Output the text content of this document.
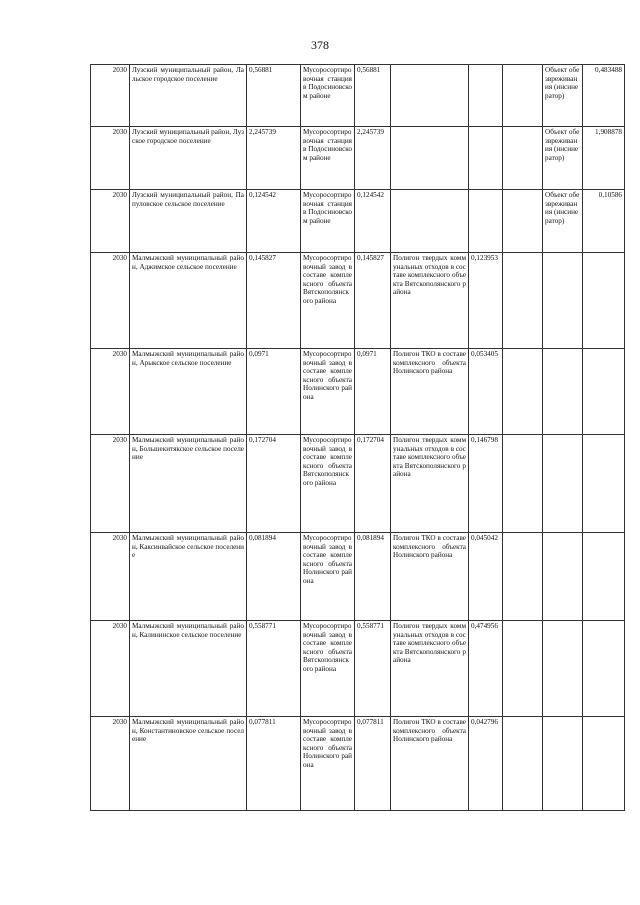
378
2030	Лузский муниципальный район, Лальское городское поселение	0,56881	Мусоросортировочная станция в Подосиновском районе	0,56881				Объект обезвреживания (инсинератор)	0,483488
2030	Лузский муниципальный район, Лузское городское поселение	2,245739	Мусоросортировочная станция в Подосиновском районе	2,245739				Объект обезвреживания (инсинератор)	1,908878
2030	Лузский муниципальный район, Папуловское сельское поселение	0,124542	Мусоросортировочная станция в Подосиновском районе	0,124542				Объект обезвреживания (инсинератор)	0,10586
2030	Малмыжский муниципальный район, Аджимское сельское поселение	0,145827	Мусоросортировочный завод в составе комплексного объекта Вятскополянского района	0,145827	Полигон твердых коммунальных отходов в составе комплексного объекта Вятскополянского района	0,123953			
2030	Малмыжский муниципальный район, Арыкское сельское поселение	0,0971	Мусоросортировочный завод в составе комплексного объекта Нолинского района	0,0971	Полигон ТКО в составе комплексного объекта Нолинского района	0,053405			
2030	Малмыжский муниципальный район, Большекитякское сельское поселение	0,172704	Мусоросортировочный завод в составе комплексного объекта Вятскополянского района	0,172704	Полигон твердых коммунальных отходов в составе комплексного объекта Вятскополянского района	0,146798			
2030	Малмыжский муниципальный район, Каксинвайское сельское поселение	0,081894	Мусоросортировочный завод в составе комплексного объекта Нолинского района	0,081894	Полигон ТКО в составе комплексного объекта Нолинского района	0,045042			
2030	Малмыжский муниципальный район, Калининское сельское поселение	0,558771	Мусоросортировочный завод в составе комплексного объекта Вятскополянского района	0,558771	Полигон твердых коммунальных отходов в составе комплексного объекта Вятскополянского района	0,474956			
2030	Малмыжский муниципальный район, Константиновское сельское поселение	0,077811	Мусоросортировочный завод в составе комплексного объекта Нолинского района	0,077811	Полигон ТКО в составе комплексного объекта Нолинского района	0,042796			
